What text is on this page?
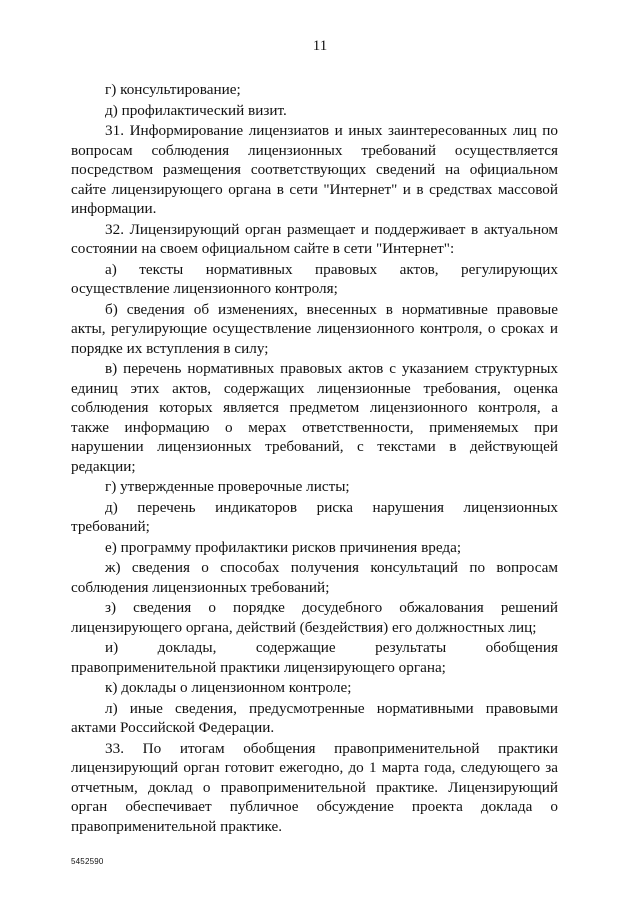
11

г) консультирование;

д) профилактический визит.

31. Информирование лицензиатов и иных заинтересованных лиц по вопросам соблюдения лицензионных требований осуществляется посредством размещения соответствующих сведений на официальном сайте лицензирующего органа в сети "Интернет" и в средствах массовой информации.

32. Лицензирующий орган размещает и поддерживает в актуальном состоянии на своем официальном сайте в сети "Интернет":

а) тексты нормативных правовых актов, регулирующих осуществление лицензионного контроля;

б) сведения об изменениях, внесенных в нормативные правовые акты, регулирующие осуществление лицензионного контроля, о сроках и порядке их вступления в силу;

в) перечень нормативных правовых актов с указанием структурных единиц этих актов, содержащих лицензионные требования, оценка соблюдения которых является предметом лицензионного контроля, а также информацию о мерах ответственности, применяемых при нарушении лицензионных требований, с текстами в действующей редакции;

г) утвержденные проверочные листы;

д) перечень индикаторов риска нарушения лицензионных требований;

е) программу профилактики рисков причинения вреда;

ж) сведения о способах получения консультаций по вопросам соблюдения лицензионных требований;

з) сведения о порядке досудебного обжалования решений лицензирующего органа, действий (бездействия) его должностных лиц;

и) доклады, содержащие результаты обобщения правоприменительной практики лицензирующего органа;

к) доклады о лицензионном контроле;

л) иные сведения, предусмотренные нормативными правовыми актами Российской Федерации.

33. По итогам обобщения правоприменительной практики лицензирующий орган готовит ежегодно, до 1 марта года, следующего за отчетным, доклад о правоприменительной практике. Лицензирующий орган обеспечивает публичное обсуждение проекта доклада о правоприменительной практике.

5452590
